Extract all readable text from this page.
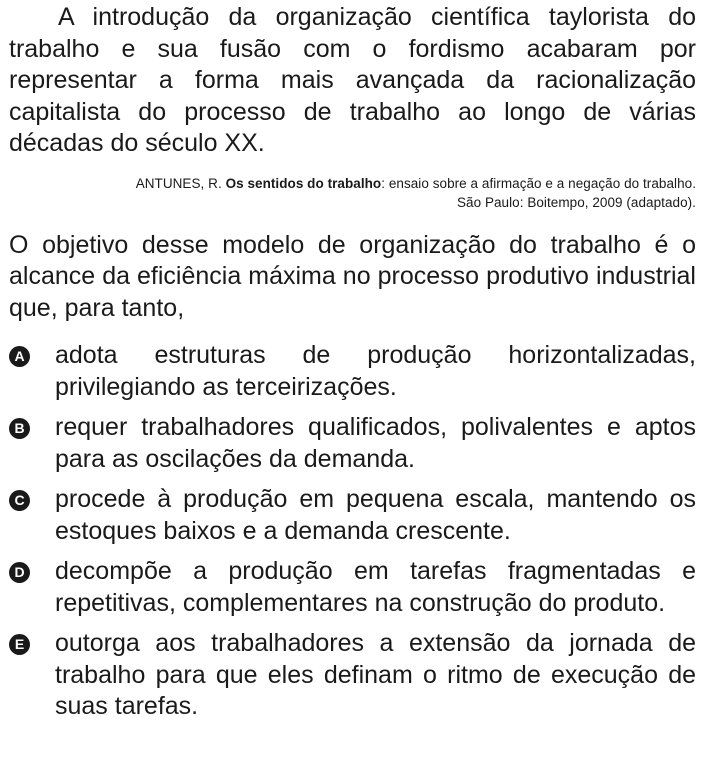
A introdução da organização científica taylorista do trabalho e sua fusão com o fordismo acabaram por representar a forma mais avançada da racionalização capitalista do processo de trabalho ao longo de várias décadas do século XX.

ANTUNES, R. Os sentidos do trabalho: ensaio sobre a afirmação e a negação do trabalho.
São Paulo: Boitempo, 2009 (adaptado).

O objetivo desse modelo de organização do trabalho é o alcance da eficiência máxima no processo produtivo industrial que, para tanto,

A adota estruturas de produção horizontalizadas, privilegiando as terceirizações.
B requer trabalhadores qualificados, polivalentes e aptos para as oscilações da demanda.
C procede à produção em pequena escala, mantendo os estoques baixos e a demanda crescente.
D decompõe a produção em tarefas fragmentadas e repetitivas, complementares na construção do produto.
E outorga aos trabalhadores a extensão da jornada de trabalho para que eles definam o ritmo de execução de suas tarefas.
